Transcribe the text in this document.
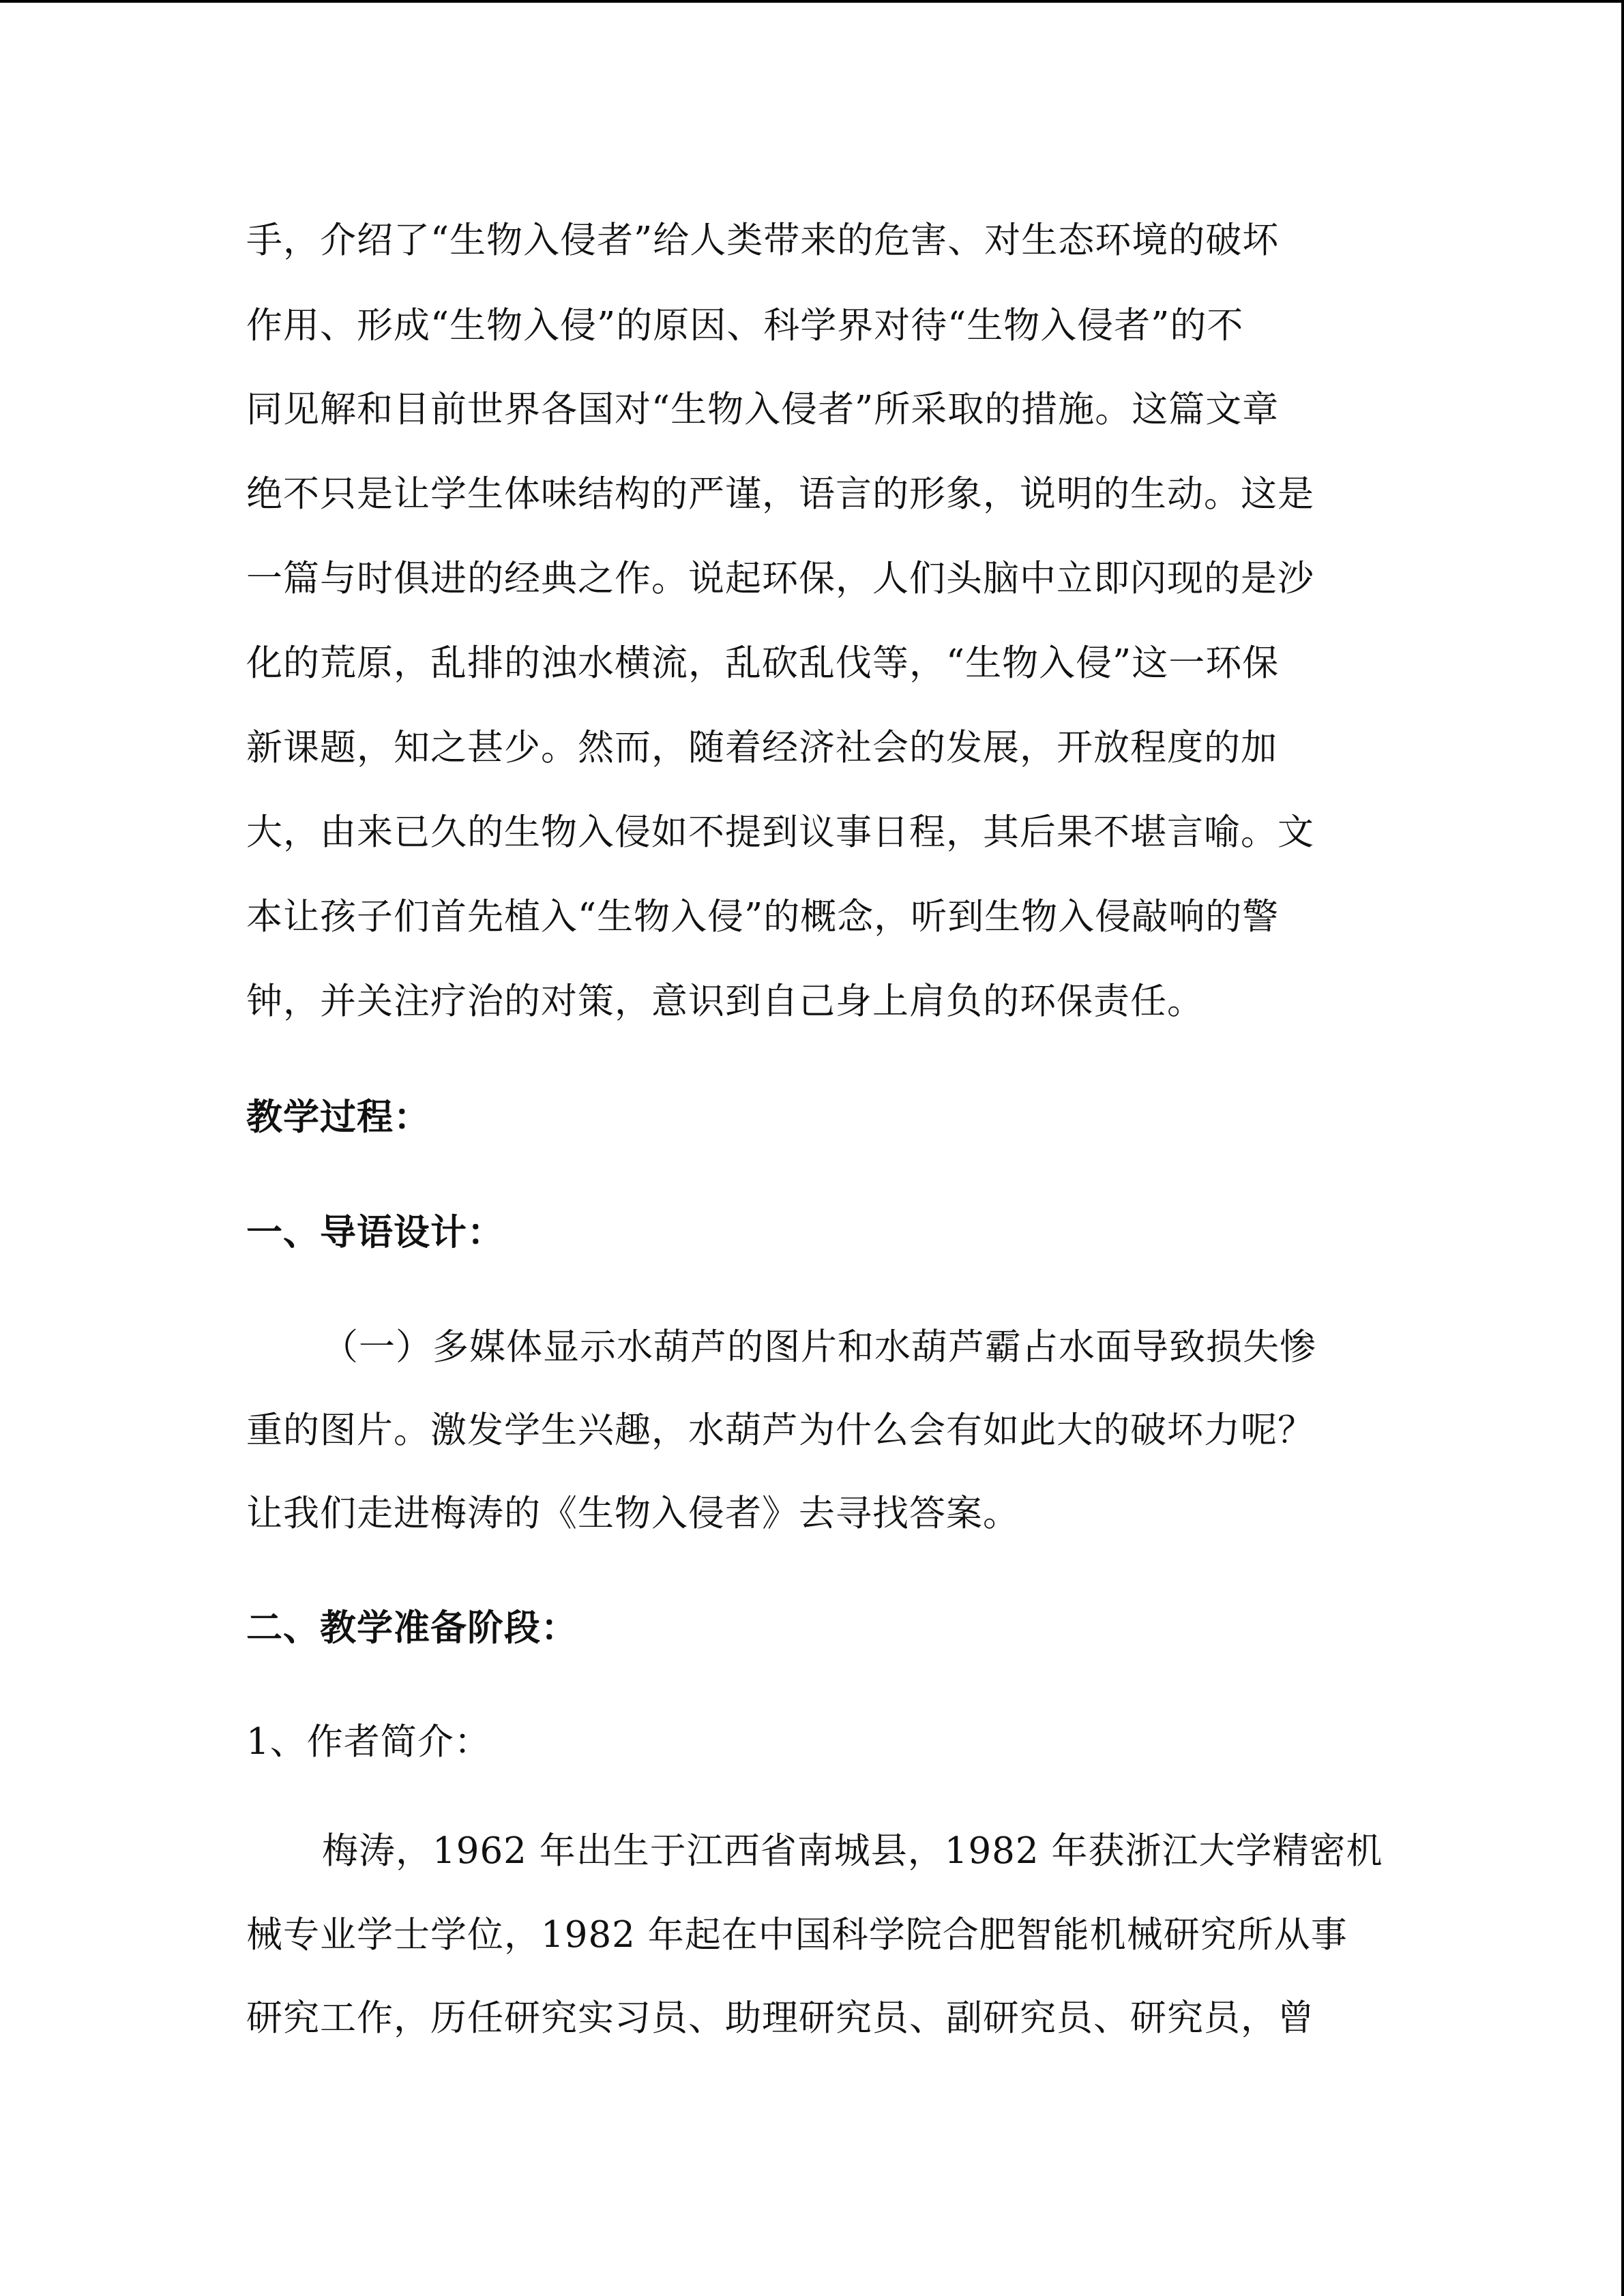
手，介绍了“生物入侵者”给人类带来的危害、对生态环境的破坏
作用、形成“生物入侵”的原因、科学界对待“生物入侵者”的不
同见解和目前世界各国对“生物入侵者”所采取的措施。这篇文章
绝不只是让学生体味结构的严谨，语言的形象，说明的生动。这是
一篇与时俱进的经典之作。说起环保，人们头脑中立即闪现的是沙
化的荒原，乱排的浊水横流，乱砍乱伐等，“生物入侵”这一环保
新课题，知之甚少。然而，随着经济社会的发展，开放程度的加
大，由来已久的生物入侵如不提到议事日程，其后果不堪言喻。文
本让孩子们首先植入“生物入侵”的概念，听到生物入侵敲响的警
钟，并关注疗治的对策，意识到自己身上肩负的环保责任。
教学过程：
一、导语设计：
（一）多媒体显示水葫芦的图片和水葫芦霸占水面导致损失惨
重的图片。激发学生兴趣，水葫芦为什么会有如此大的破坏力呢？
让我们走进梅涛的《生物入侵者》去寻找答案。
二、教学准备阶段：
1、作者简介：
梅涛，1962 年出生于江西省南城县，1982 年获浙江大学精密机
械专业学士学位，1982 年起在中国科学院合肥智能机械研究所从事
研究工作，历任研究实习员、助理研究员、副研究员、研究员，曾
